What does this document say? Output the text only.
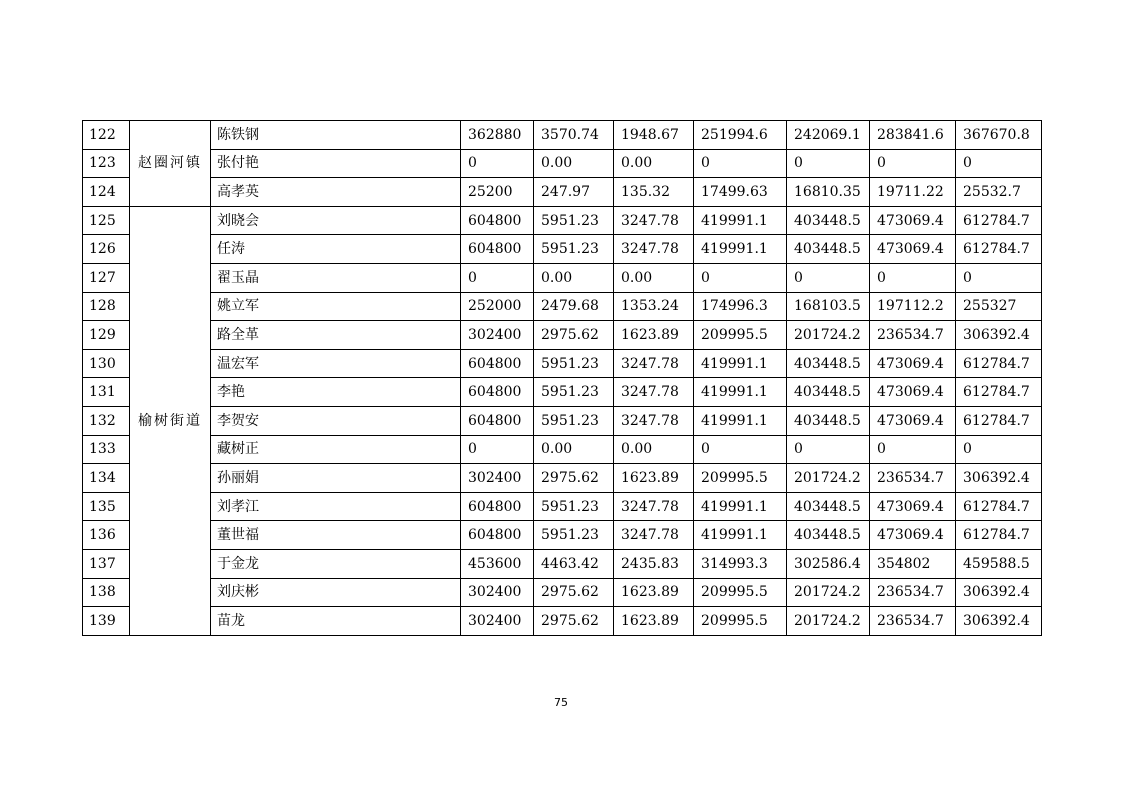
122	赵圈河镇	陈铁钢	362880	3570.74	1948.67	251994.6	242069.1	283841.6	367670.8
123		张付艳	0	0.00	0.00	0	0	0	0
124		高孝英	25200	247.97	135.32	17499.63	16810.35	19711.22	25532.7
125	榆树街道	刘晓会	604800	5951.23	3247.78	419991.1	403448.5	473069.4	612784.7
126		任涛	604800	5951.23	3247.78	419991.1	403448.5	473069.4	612784.7
127		翟玉晶	0	0.00	0.00	0	0	0	0
128		姚立军	252000	2479.68	1353.24	174996.3	168103.5	197112.2	255327
129		路全革	302400	2975.62	1623.89	209995.5	201724.2	236534.7	306392.4
130		温宏军	604800	5951.23	3247.78	419991.1	403448.5	473069.4	612784.7
131		李艳	604800	5951.23	3247.78	419991.1	403448.5	473069.4	612784.7
132		李贺安	604800	5951.23	3247.78	419991.1	403448.5	473069.4	612784.7
133		藏树正	0	0.00	0.00	0	0	0	0
134		孙丽娟	302400	2975.62	1623.89	209995.5	201724.2	236534.7	306392.4
135		刘孝江	604800	5951.23	3247.78	419991.1	403448.5	473069.4	612784.7
136		董世福	604800	5951.23	3247.78	419991.1	403448.5	473069.4	612784.7
137		于金龙	453600	4463.42	2435.83	314993.3	302586.4	354802	459588.5
138		刘庆彬	302400	2975.62	1623.89	209995.5	201724.2	236534.7	306392.4
139		苗龙	302400	2975.62	1623.89	209995.5	201724.2	236534.7	306392.4
75
